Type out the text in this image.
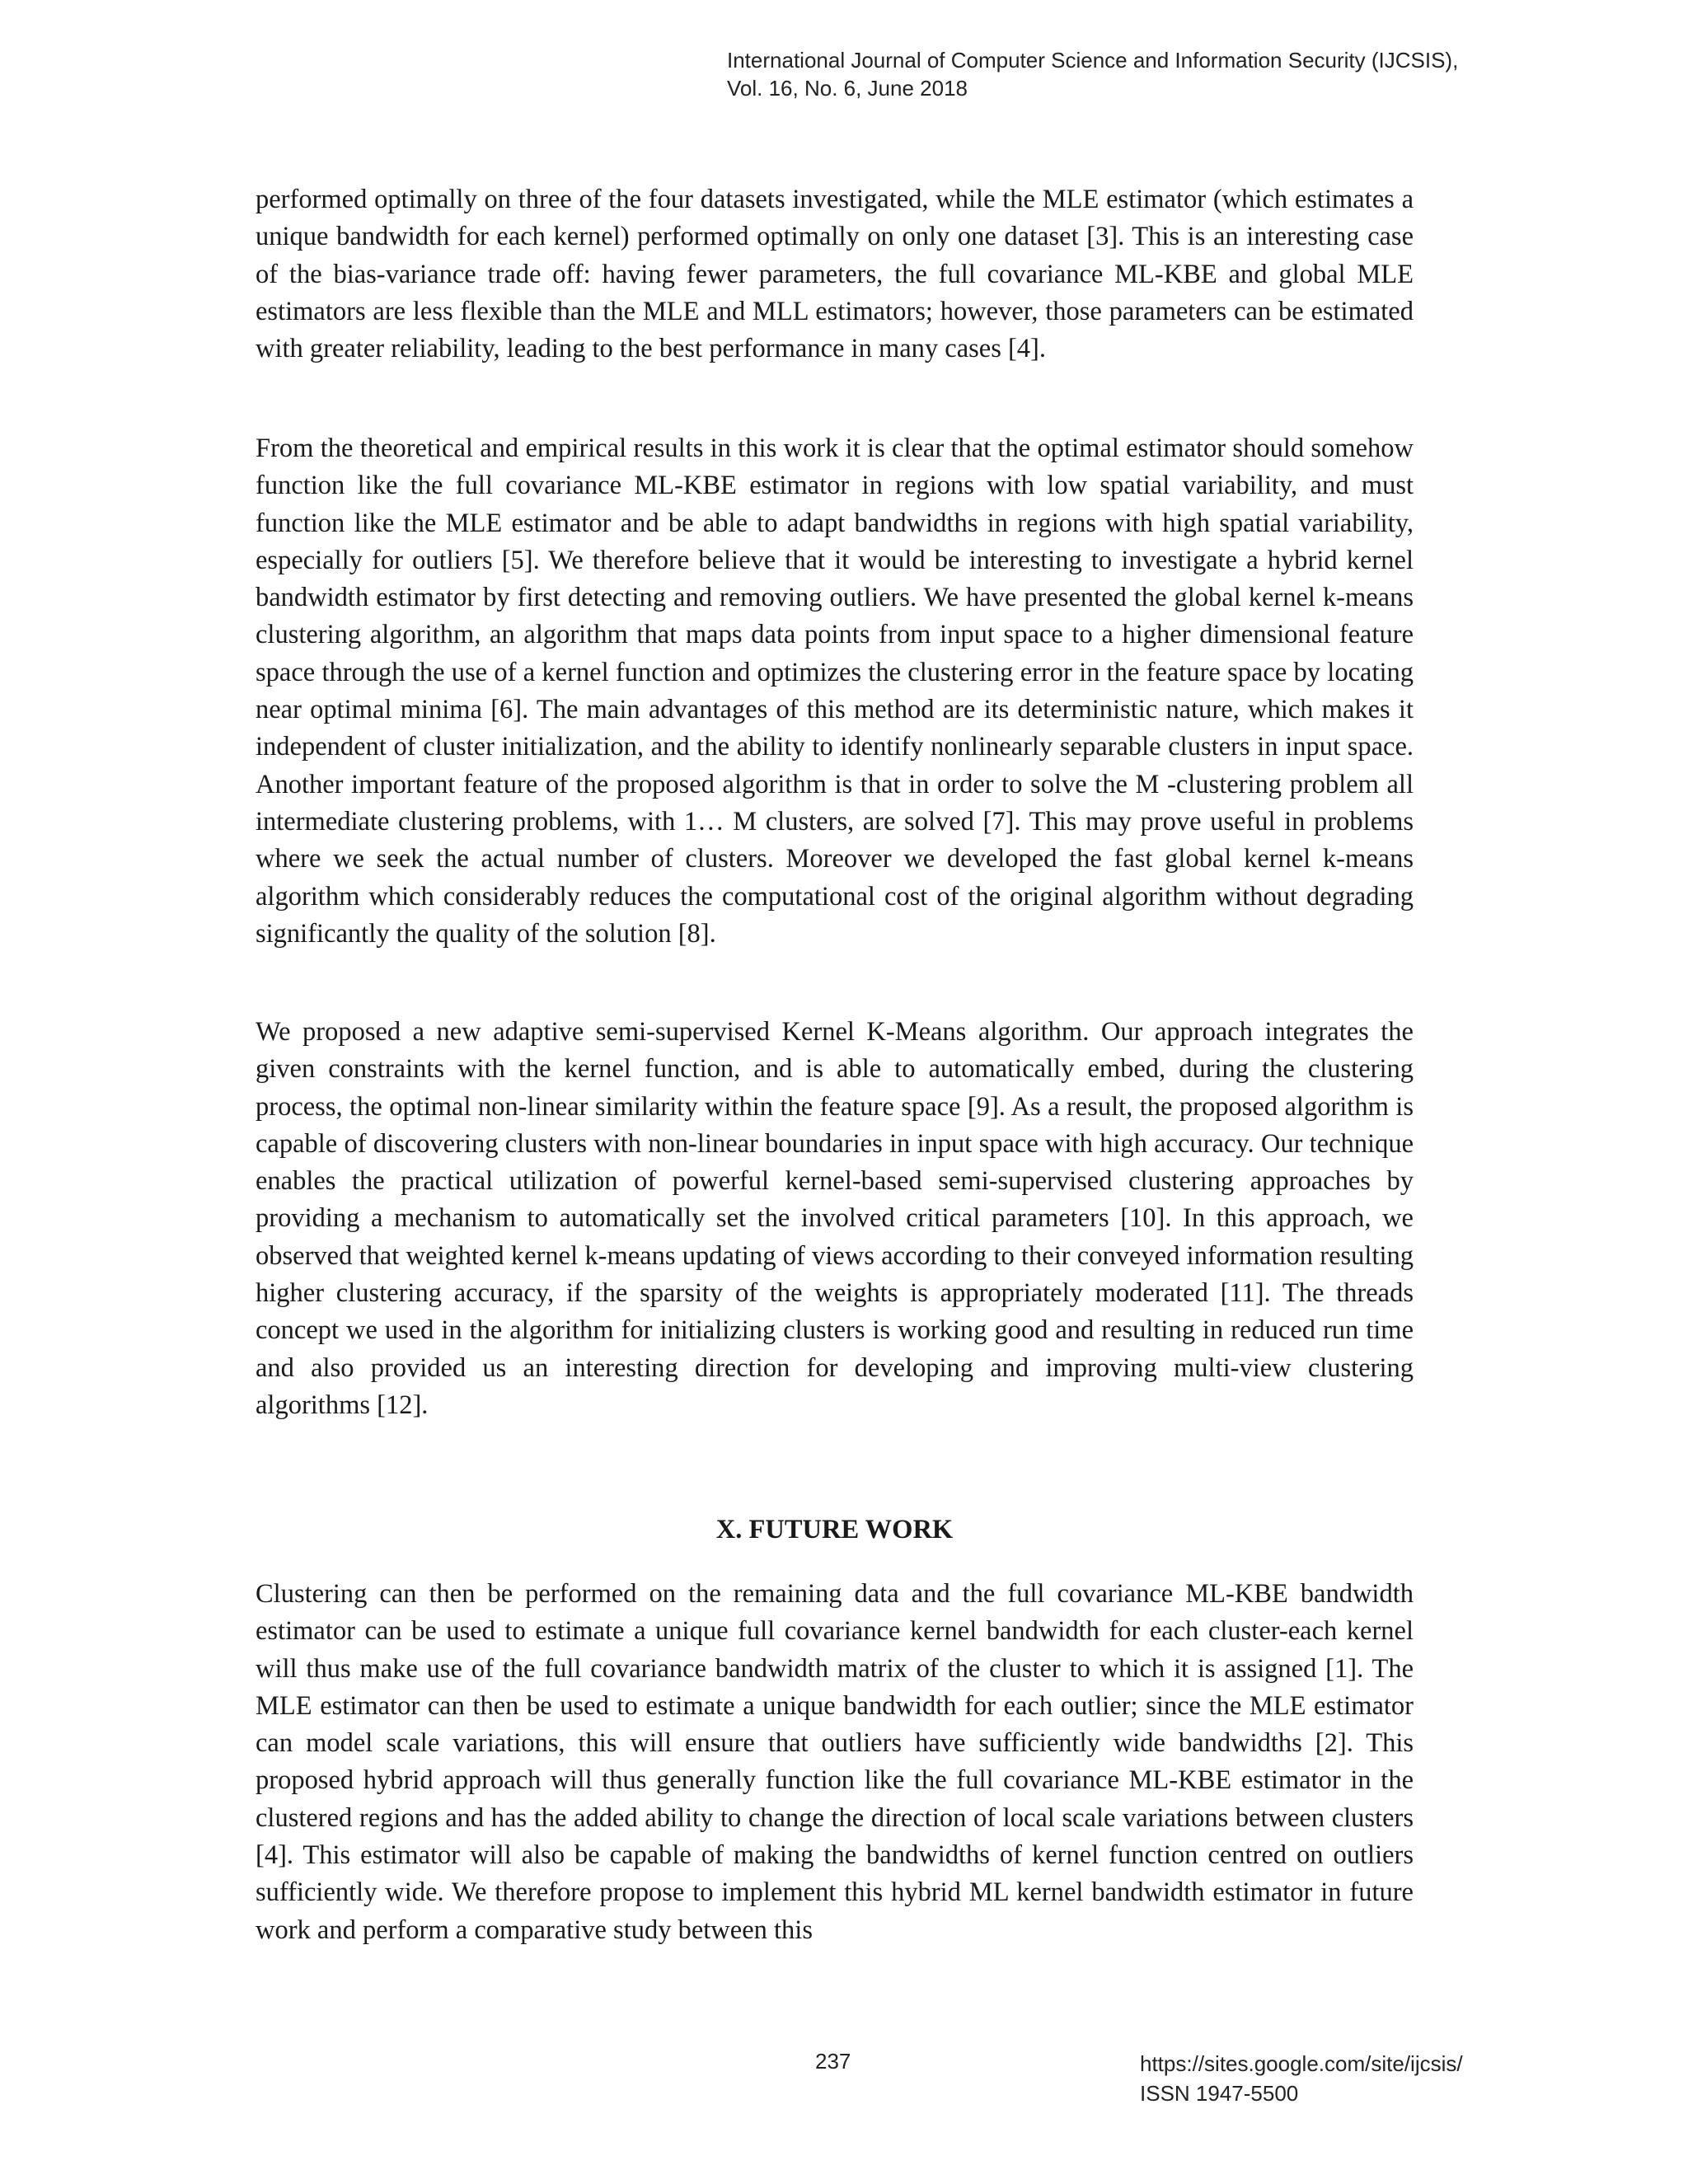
International Journal of Computer Science and Information Security (IJCSIS),
Vol. 16, No. 6, June 2018

performed optimally on three of the four datasets investigated, while the MLE estimator (which estimates a unique bandwidth for each kernel) performed optimally on only one dataset [3]. This is an interesting case of the bias-variance trade off: having fewer parameters, the full covariance ML-KBE and global MLE estimators are less flexible than the MLE and MLL estimators; however, those parameters can be estimated with greater reliability, leading to the best performance in many cases [4].

From the theoretical and empirical results in this work it is clear that the optimal estimator should somehow function like the full covariance ML-KBE estimator in regions with low spatial variability, and must function like the MLE estimator and be able to adapt bandwidths in regions with high spatial variability, especially for outliers [5]. We therefore believe that it would be interesting to investigate a hybrid kernel bandwidth estimator by first detecting and removing outliers. We have presented the global kernel k-means clustering algorithm, an algorithm that maps data points from input space to a higher dimensional feature space through the use of a kernel function and optimizes the clustering error in the feature space by locating near optimal minima [6]. The main advantages of this method are its deterministic nature, which makes it independent of cluster initialization, and the ability to identify nonlinearly separable clusters in input space. Another important feature of the proposed algorithm is that in order to solve the M -clustering problem all intermediate clustering problems, with 1… M clusters, are solved [7]. This may prove useful in problems where we seek the actual number of clusters. Moreover we developed the fast global kernel k-means algorithm which considerably reduces the computational cost of the original algorithm without degrading significantly the quality of the solution [8].

We proposed a new adaptive semi-supervised Kernel K-Means algorithm. Our approach integrates the given constraints with the kernel function, and is able to automatically embed, during the clustering process, the optimal non-linear similarity within the feature space [9]. As a result, the proposed algorithm is capable of discovering clusters with non-linear boundaries in input space with high accuracy. Our technique enables the practical utilization of powerful kernel-based semi-supervised clustering approaches by providing a mechanism to automatically set the involved critical parameters [10]. In this approach, we observed that weighted kernel k-means updating of views according to their conveyed information resulting higher clustering accuracy, if the sparsity of the weights is appropriately moderated [11]. The threads concept we used in the algorithm for initializing clusters is working good and resulting in reduced run time and also provided us an interesting direction for developing and improving multi-view clustering algorithms [12].

X. FUTURE WORK

Clustering can then be performed on the remaining data and the full covariance ML-KBE bandwidth estimator can be used to estimate a unique full covariance kernel bandwidth for each cluster-each kernel will thus make use of the full covariance bandwidth matrix of the cluster to which it is assigned [1]. The MLE estimator can then be used to estimate a unique bandwidth for each outlier; since the MLE estimator can model scale variations, this will ensure that outliers have sufficiently wide bandwidths [2]. This proposed hybrid approach will thus generally function like the full covariance ML-KBE estimator in the clustered regions and has the added ability to change the direction of local scale variations between clusters [4]. This estimator will also be capable of making the bandwidths of kernel function centred on outliers sufficiently wide. We therefore propose to implement this hybrid ML kernel bandwidth estimator in future work and perform a comparative study between this

237	https://sites.google.com/site/ijcsis/
ISSN 1947-5500
